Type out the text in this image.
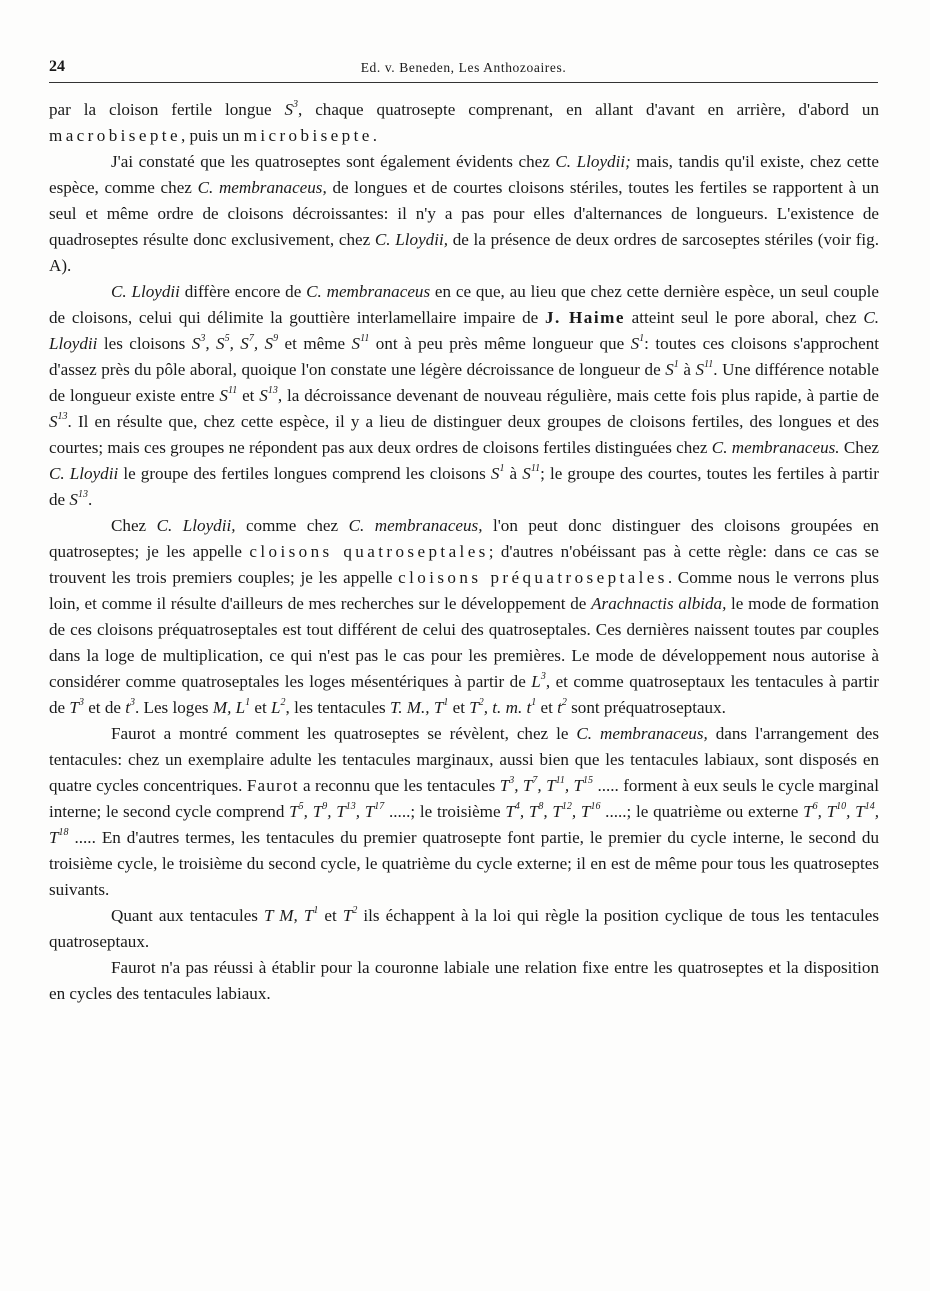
24	Ed. v. Beneden, Les Anthozoaires.

par la cloison fertile longue $S^3$, chaque quatrosepte comprenant, en allant d'avant en arrière, d'abord un macrobisepte, puis un microbisepte.

J'ai constaté que les quatroseptes sont également évidents chez C. Lloydii; mais, tandis qu'il existe, chez cette espèce, comme chez C. membranaceus, de longues et de courtes cloisons stériles, toutes les fertiles se rapportent à un seul et même ordre de cloisons décroissantes: il n'y a pas pour elles d'alternances de longueurs. L'existence de quadroseptes résulte donc exclusivement, chez C. Lloydii, de la présence de deux ordres de sarcoseptes stériles (voir fig. A).

C. Lloydii diffère encore de C. membranaceus en ce que, au lieu que chez cette dernière espèce, un seul couple de cloisons, celui qui délimite la gouttière interlamellaire impaire de J. Haime atteint seul le pore aboral, chez C. Lloydii les cloisons $S^3$, $S^5$, $S^7$, $S^9$ et même $S^{11}$ ont à peu près même longueur que $S^1$: toutes ces cloisons s'approchent d'assez près du pôle aboral, quoique l'on constate une légère décroissance de longueur de $S^1$ à $S^{11}$. Une différence notable de longueur existe entre $S^{11}$ et $S^{13}$, la décroissance devenant de nouveau régulière, mais cette fois plus rapide, à partie de $S^{13}$. Il en résulte que, chez cette espèce, il y a lieu de distinguer deux groupes de cloisons fertiles, des longues et des courtes; mais ces groupes ne répondent pas aux deux ordres de cloisons fertiles distinguées chez C. membranaceus. Chez C. Lloydii le groupe des fertiles longues comprend les cloisons $S^1$ à $S^{11}$; le groupe des courtes, toutes les fertiles à partir de $S^{13}$.

Chez C. Lloydii, comme chez C. membranaceus, l'on peut donc distinguer des cloisons groupées en quatroseptes; je les appelle cloisons quatroseptales; d'autres n'obéissant pas à cette règle: dans ce cas se trouvent les trois premiers couples; je les appelle cloisons préquatroseptales. Comme nous le verrons plus loin, et comme il résulte d'ailleurs de mes recherches sur le développement de Arachnactis albida, le mode de formation de ces cloisons préquatroseptales est tout différent de celui des quatroseptales. Ces dernières naissent toutes par couples dans la loge de multiplication, ce qui n'est pas le cas pour les premières. Le mode de développement nous autorise à considérer comme quatroseptales les loges mésentériques à partir de $L^3$, et comme quatroseptaux les tentacules à partir de $T^3$ et de $t^3$. Les loges M, $L^1$ et $L^2$, les tentacules T. M., $T^1$ et $T^2$, t. m. $t^1$ et $t^2$ sont préquatroseptaux.

Faurot a montré comment les quatroseptes se révèlent, chez le C. membranaceus, dans l'arrangement des tentacules: chez un exemplaire adulte les tentacules marginaux, aussi bien que les tentacules labiaux, sont disposés en quatre cycles concentriques. Faurot a reconnu que les tentacules $T^3$, $T^7$, $T^{11}$, $T^{15}$ ..... forment à eux seuls le cycle marginal interne; le second cycle comprend $T^5$, $T^9$, $T^{13}$, $T^{17}$ .....; le troisième $T^4$, $T^8$, $T^{12}$, $T^{16}$ .....; le quatrième ou externe $T^6$, $T^{10}$, $T^{14}$, $T^{18}$ ..... En d'autres termes, les tentacules du premier quatrosepte font partie, le premier du cycle interne, le second du troisième cycle, le troisième du second cycle, le quatrième du cycle externe; il en est de même pour tous les quatroseptes suivants.

Quant aux tentacules T M, $T^1$ et $T^2$ ils échappent à la loi qui règle la position cyclique de tous les tentacules quatroseptaux.

Faurot n'a pas réussi à établir pour la couronne labiale une relation fixe entre les quatroseptes et la disposition en cycles des tentacules labiaux.
